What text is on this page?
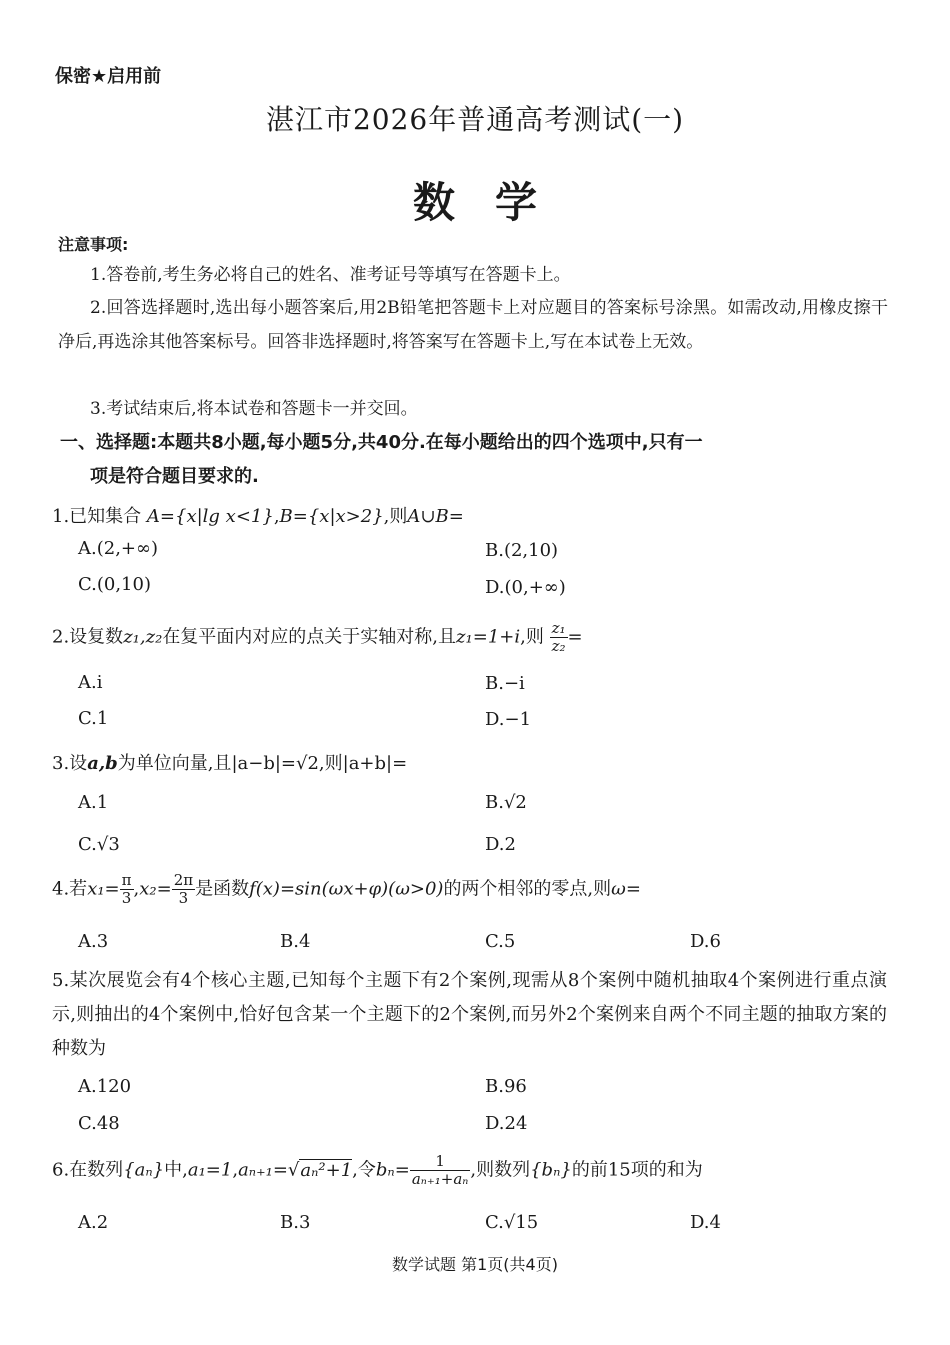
保密★启用前
湛江市2026年普通高考测试(一)
数学
注意事项:
1.答卷前,考生务必将自己的姓名、准考证号等填写在答题卡上。
2.回答选择题时,选出每小题答案后,用2B铅笔把答题卡上对应题目的答案标号涂黑。如需改动,用橡皮擦干净后,再选涂其他答案标号。回答非选择题时,将答案写在答题卡上,写在本试卷上无效。
3.考试结束后,将本试卷和答题卡一并交回。
一、选择题:本题共8小题,每小题5分,共40分.在每小题给出的四个选项中,只有一
项是符合题目要求的.
1.已知集合 A={x|lg x<1},B={x|x>2},则A∪B=
A.(2,+∞)	B.(2,10)
C.(0,10)	D.(0,+∞)
2.设复数z₁,z₂在复平面内对应的点关于实轴对称,且z₁=1+i,则 $\frac{\text{z₁}}{\text{z₂}}$ =
A.i	B.−i
C.1	D.−1
3.设a,b为单位向量,且|a−b|=√2,则|a+b|=
A.1	B.√2
C.√3	D.2
4.若$x_1= \frac{\pi}{3} ,x_2= \frac{2\pi}{3}$ 是函数f(x)=sin(ωx+φ)(ω>0)的两个相邻的零点,则ω=
A.3	B.4	C.5	D.6
5.某次展览会有4个核心主题,已知每个主题下有2个案例,现需从8个案例中随机抽取4个案例进行重点演示,则抽出的4个案例中,恰好包含某一个主题下的2个案例,而另外2个案例来自两个不同主题的抽取方案的种数为
A.120	B.96
C.48	D.24
6.在数列{aₙ}中,a₁=1,aₙ₊₁=√aₙ²+1,令$b_n= \frac{1}{\text{aₙ₊₁+aₙ}}$ ,则数列{bₙ}的前15项的和为
A.2	B.3	C.√15	D.4
数学试题 第1页(共4页)
